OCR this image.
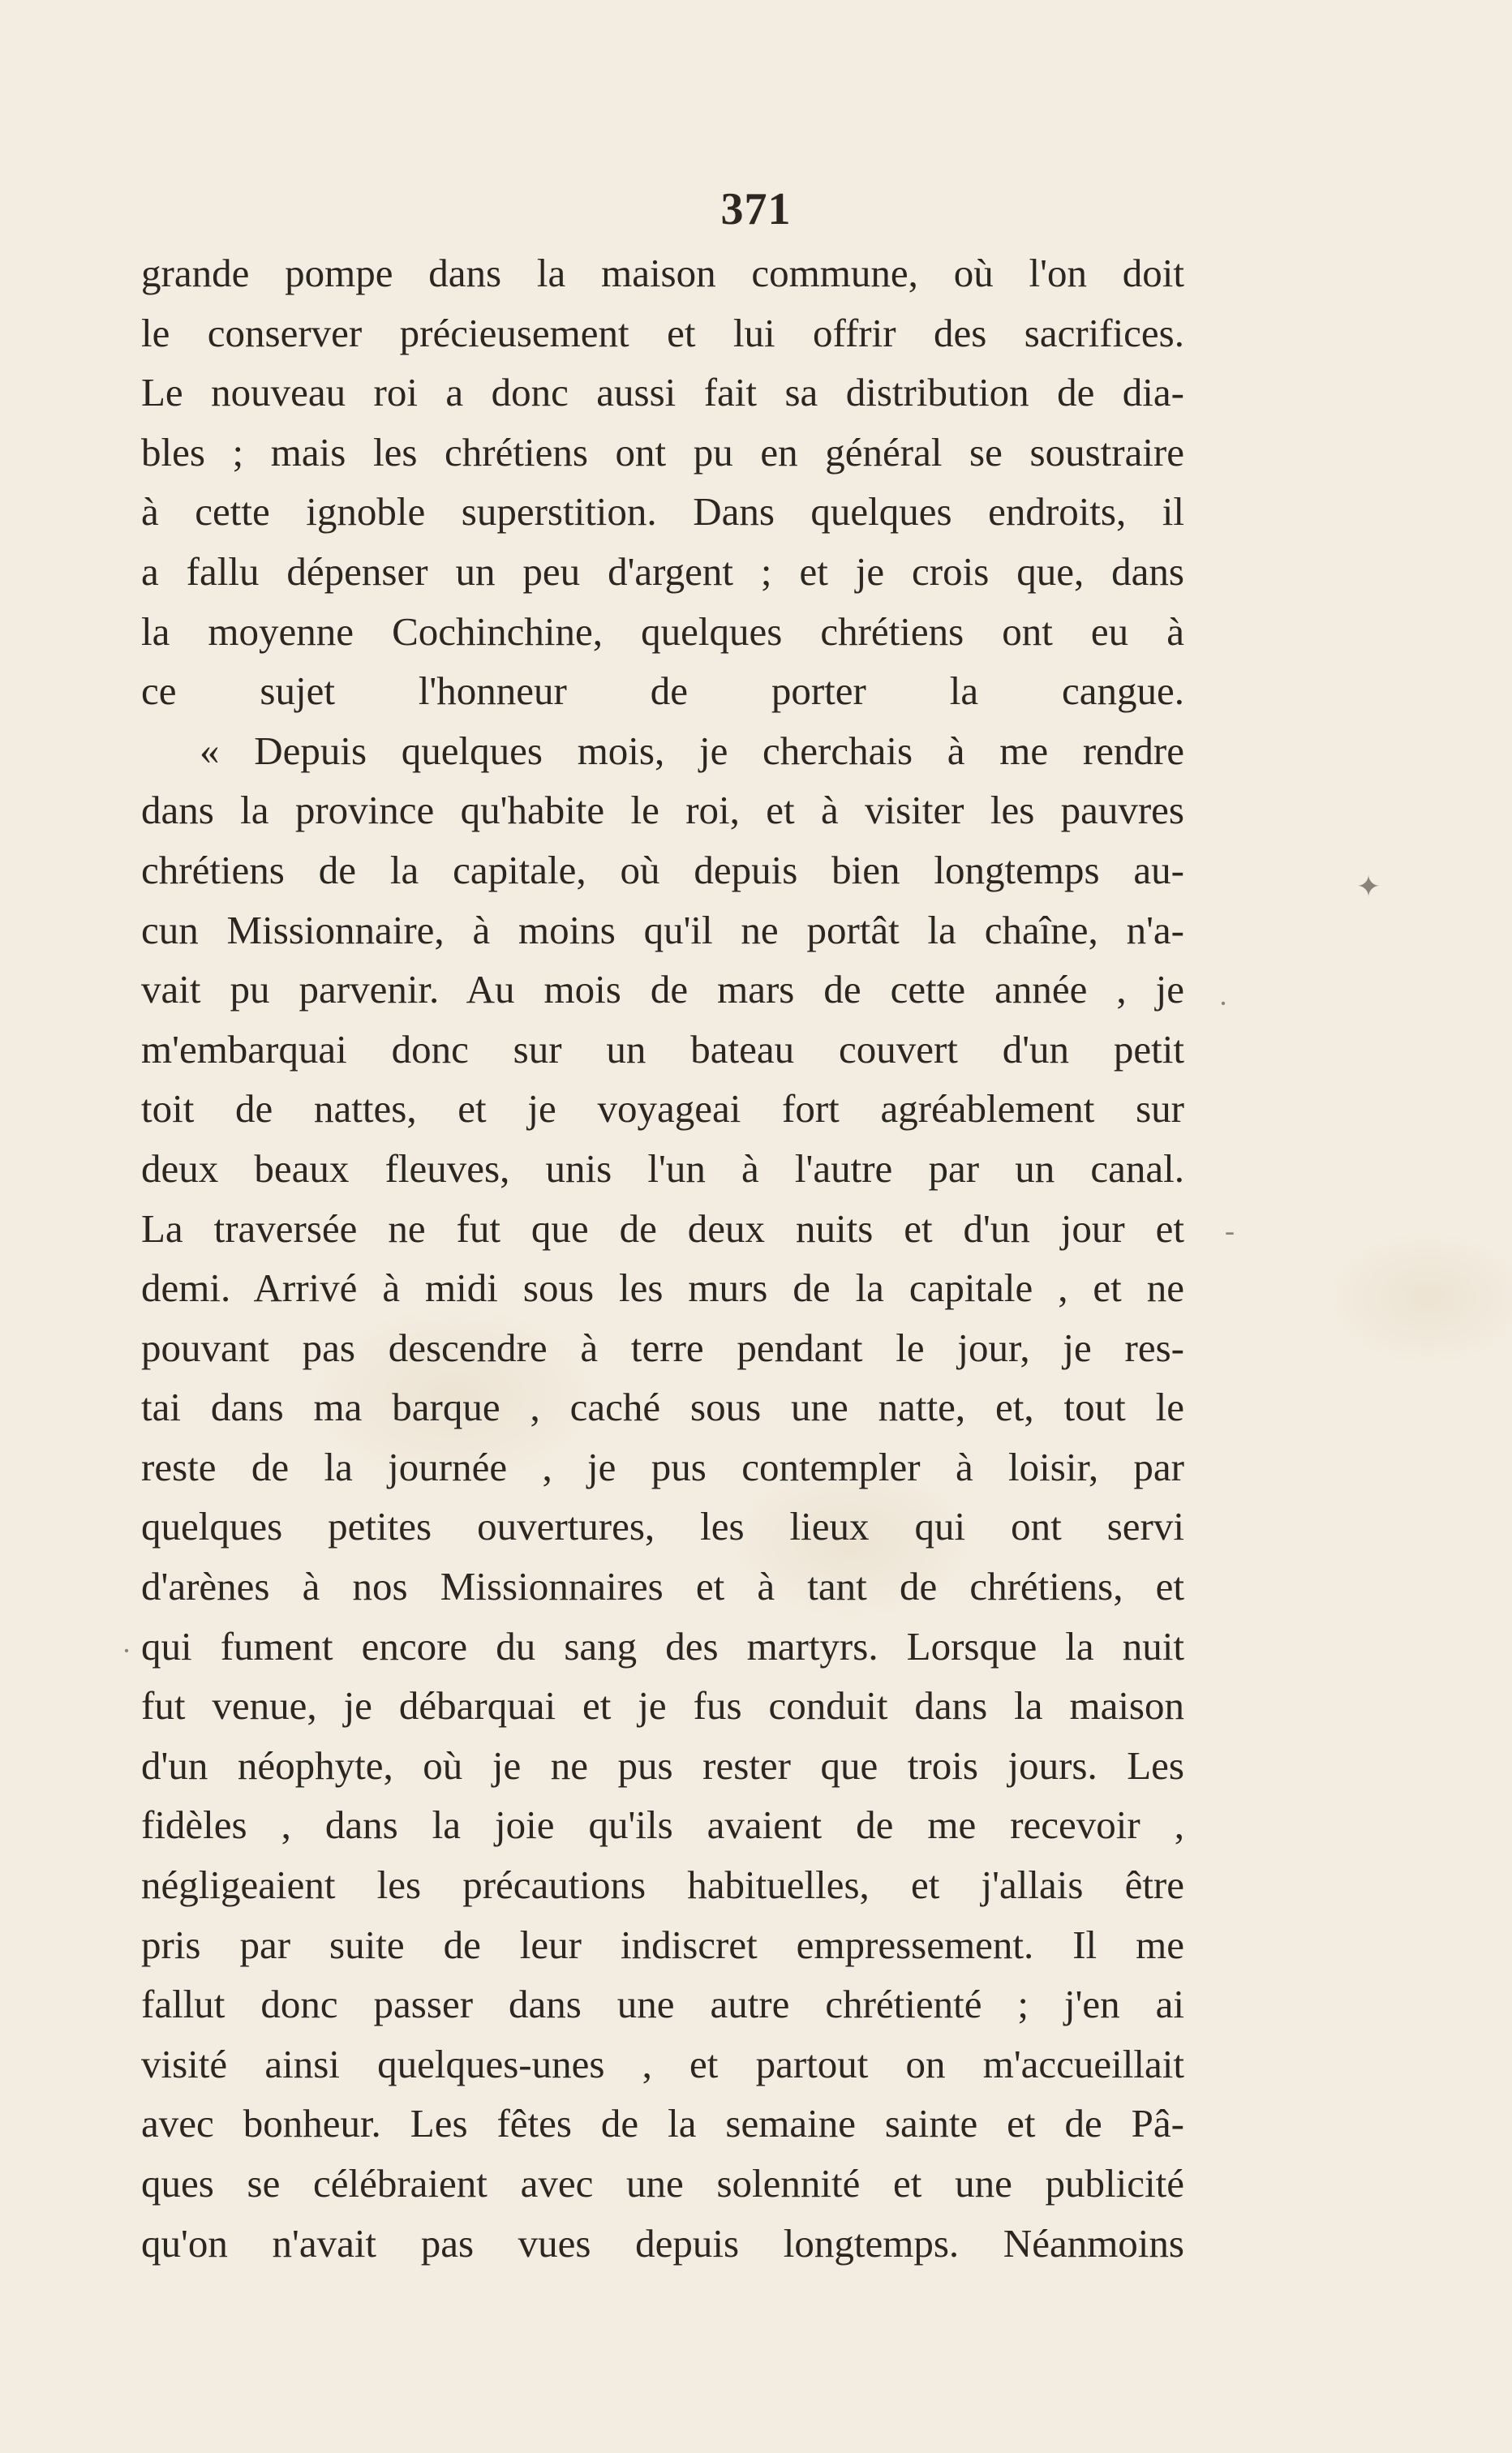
371
grande pompe dans la maison commune, où l'on doit
le conserver précieusement et lui offrir des sacrifices.
Le nouveau roi a donc aussi fait sa distribution de dia-
bles ; mais les chrétiens ont pu en général se soustraire
à cette ignoble superstition. Dans quelques endroits, il
a fallu dépenser un peu d'argent ; et je crois que, dans
la moyenne Cochinchine, quelques chrétiens ont eu à
ce sujet l'honneur de porter la cangue.
« Depuis quelques mois, je cherchais à me rendre
dans la province qu'habite le roi, et à visiter les pauvres
chrétiens de la capitale, où depuis bien longtemps au-
cun Missionnaire, à moins qu'il ne portât la chaîne, n'a-
vait pu parvenir. Au mois de mars de cette année , je
m'embarquai donc sur un bateau couvert d'un petit
toit de nattes, et je voyageai fort agréablement sur
deux beaux fleuves, unis l'un à l'autre par un canal.
La traversée ne fut que de deux nuits et d'un jour et
demi. Arrivé à midi sous les murs de la capitale , et ne
pouvant pas descendre à terre pendant le jour, je res-
tai dans ma barque , caché sous une natte, et, tout le
reste de la journée , je pus contempler à loisir, par
quelques petites ouvertures, les lieux qui ont servi
d'arènes à nos Missionnaires et à tant de chrétiens, et
qui fument encore du sang des martyrs. Lorsque la nuit
fut venue, je débarquai et je fus conduit dans la maison
d'un néophyte, où je ne pus rester que trois jours. Les
fidèles , dans la joie qu'ils avaient de me recevoir ,
négligeaient les précautions habituelles, et j'allais être
pris par suite de leur indiscret empressement. Il me
fallut donc passer dans une autre chrétienté ; j'en ai
visité ainsi quelques-unes , et partout on m'accueillait
avec bonheur. Les fêtes de la semaine sainte et de Pâ-
ques se célébraient avec une solennité et une publicité
qu'on n'avait pas vues depuis longtemps. Néanmoins
✦
·
-
·
